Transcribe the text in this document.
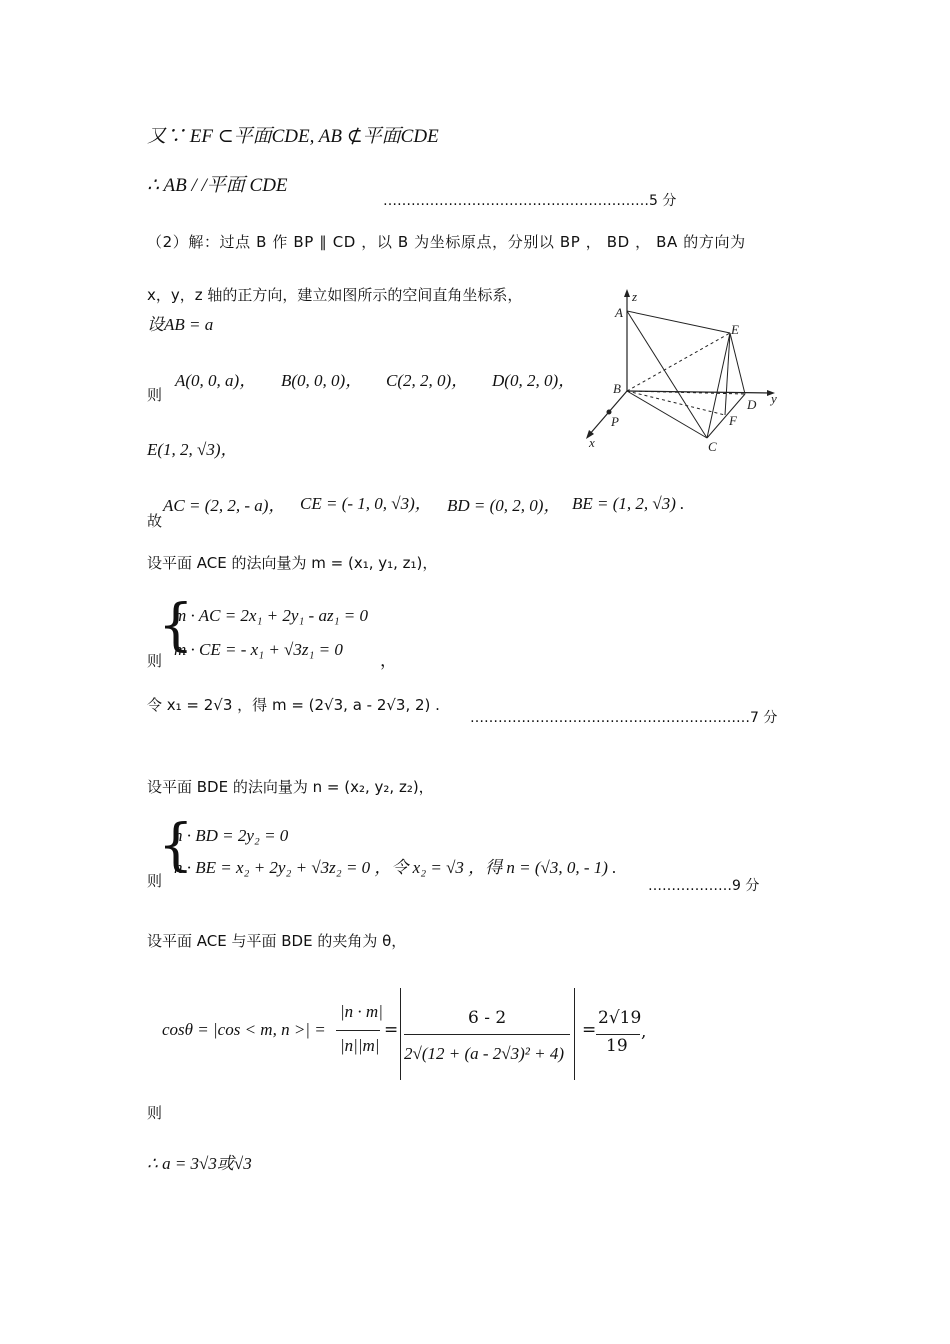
又∵ EF ⊂平面CDE, AB ⊄平面CDE
∴ AB / /平面 CDE
…………………………………………………5 分
（2）解：过点 B 作 BP ∥ CD ，以 B 为坐标原点，分别以 BP ， BD ， BA 的方向为
x，y，z 轴的正方向，建立如图所示的空间直角坐标系，
设AB = a
则
A(0, 0, a)， B(0, 0, 0)， C(2, 2, 0)， D(0, 2, 0)，
E(1, 2, √3)，
故
AC = (2, 2, - a)， CE = (- 1, 0, √3)， BD = (0, 2, 0)， BE = (1, 2, √3) .
设平面 ACE 的法向量为 m = (x₁, y₁, z₁)，
则
{
m · AC = 2x₁ + 2y₁ - az₁ = 0
m · CE = - x₁ + √3z₁ = 0
，
令 x₁ = 2√3 ，得 m = (2√3, a - 2√3, 2) .
……………………………………………………7 分
设平面 BDE 的法向量为 n = (x₂, y₂, z₂)，
则
{
n · BD = 2y₂ = 0
n · BE = x₂ + 2y₂ + √3z₂ = 0 ，令 x₂ = √3 ，得 n = (√3, 0, - 1) .
………………9 分
设平面 ACE 与平面 BDE 的夹角为 θ，
cosθ = |cos < m, n >| =
|n · m|
|n||m|
=
6 - 2
2√(12 + (a - 2√3)² + 4)
=
2√19
19
,
则
∴ a = 3√3或√3
z
A
E
B
y
D
P	F
x	C
